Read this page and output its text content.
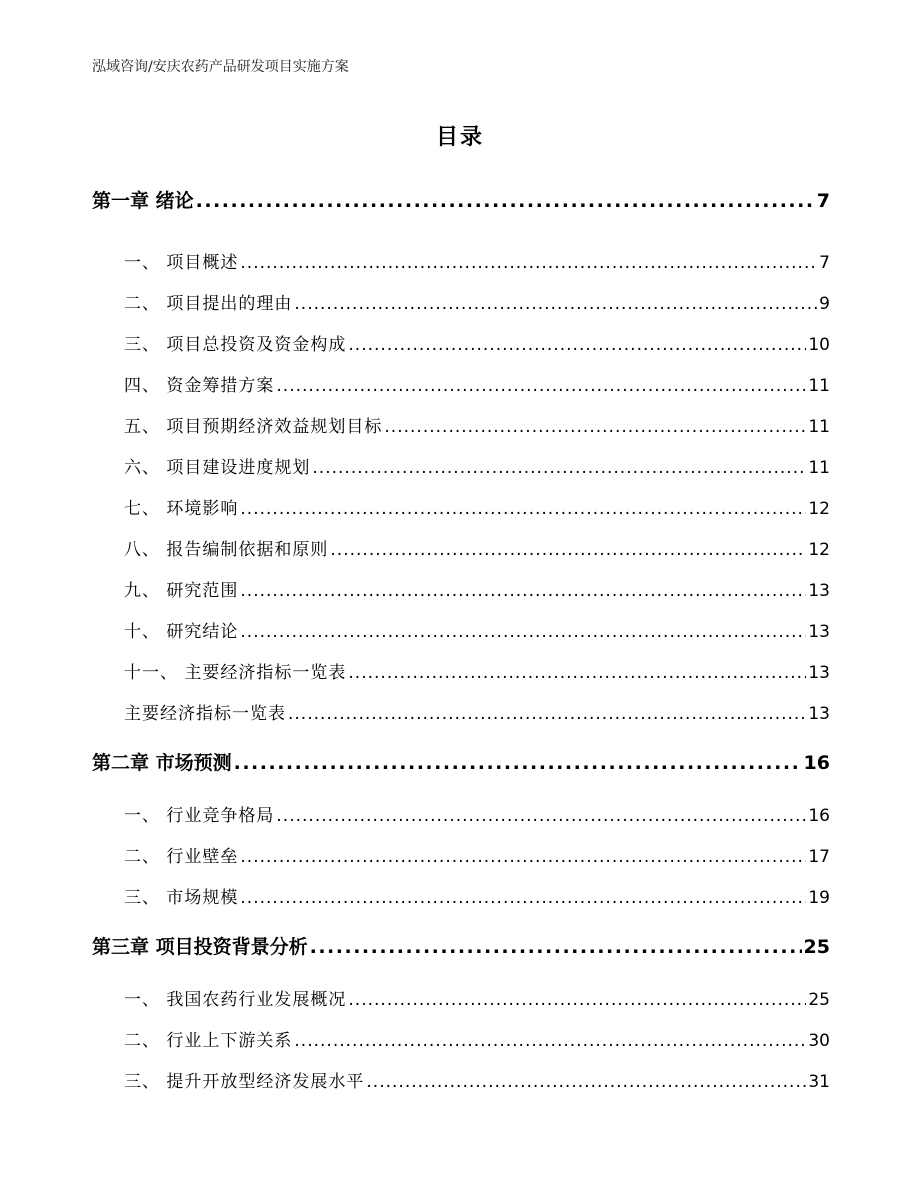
泓域咨询/安庆农药产品研发项目实施方案
目录
第一章 绪论 .....	7
一、 项目概述 .....	7
二、 项目提出的理由 .....	9
三、 项目总投资及资金构成 .....	10
四、 资金筹措方案 .....	11
五、 项目预期经济效益规划目标 .....	11
六、 项目建设进度规划 .....	11
七、 环境影响 .....	12
八、 报告编制依据和原则 .....	12
九、 研究范围 .....	13
十、 研究结论 .....	13
十一、 主要经济指标一览表 .....	13
主要经济指标一览表 .....	13
第二章 市场预测 .....	16
一、 行业竞争格局 .....	16
二、 行业壁垒 .....	17
三、 市场规模 .....	19
第三章 项目投资背景分析 .....	25
一、 我国农药行业发展概况 .....	25
二、 行业上下游关系 .....	30
三、 提升开放型经济发展水平 .....	31
